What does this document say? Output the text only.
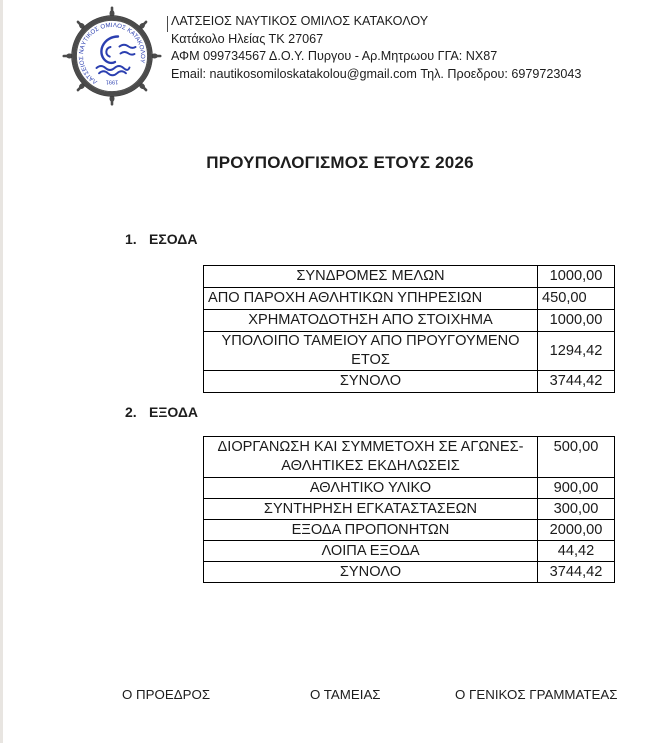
ΛΑΤΣΕΙΟΣ ΝΑΥΤΙΚΟΣ ΟΜΙΛΟΣ ΚΑΤΑΚΟΛΟΥ
1991
ΛΑΤΣΕΙΟΣ ΝΑΥΤΙΚΟΣ ΟΜΙΛΟΣ ΚΑΤΑΚΟΛΟΥ
Κατάκολο Ηλείας ΤΚ 27067
ΑΦΜ 099734567 Δ.Ο.Υ. Πυργου - Αρ.Μητρωου ΓΓΑ: NX87
Email: nautikosomiloskatakolou@gmail.com Τηλ. Προεδρου: 6979723043
ΠΡΟΥΠΟΛΟΓΙΣΜΟΣ ΕΤΟΥΣ 2026
1. ΕΣΟΔΑ
ΣΥΝΔΡΟΜΕΣ ΜΕΛΩΝ	1000,00
ΑΠΟ ΠΑΡΟΧΗ ΑΘΛΗΤΙΚΩΝ ΥΠΗΡΕΣΙΩΝ	450,00
ΧΡΗΜΑΤΟΔΟΤΗΣΗ ΑΠΟ ΣΤΟΙΧΗΜΑ	1000,00
ΥΠΟΛΟΙΠΟ ΤΑΜΕΙΟΥ ΑΠΟ ΠΡΟΥΓΟΥΜΕΝΟ ΕΤΟΣ	1294,42
ΣΥΝΟΛΟ	3744,42
2. ΕΞΟΔΑ
ΔΙΟΡΓΑΝΩΣΗ ΚΑΙ ΣΥΜΜΕΤΟΧΗ ΣΕ ΑΓΩΝΕΣ- ΑΘΛΗΤΙΚΕΣ ΕΚΔΗΛΩΣΕΙΣ	500,00
ΑΘΛΗΤΙΚΟ ΥΛΙΚΟ	900,00
ΣΥΝΤΗΡΗΣΗ ΕΓΚΑΤΑΣΤΑΣΕΩΝ	300,00
ΕΞΟΔΑ ΠΡΟΠΟΝΗΤΩΝ	2000,00
ΛΟΙΠΑ ΕΞΟΔΑ	44,42
ΣΥΝΟΛΟ	3744,42
Ο ΠΡΟΕΔΡΟΣ	Ο ΤΑΜΕΙΑΣ	Ο ΓΕΝΙΚΟΣ ΓΡΑΜΜΑΤΕΑΣ
